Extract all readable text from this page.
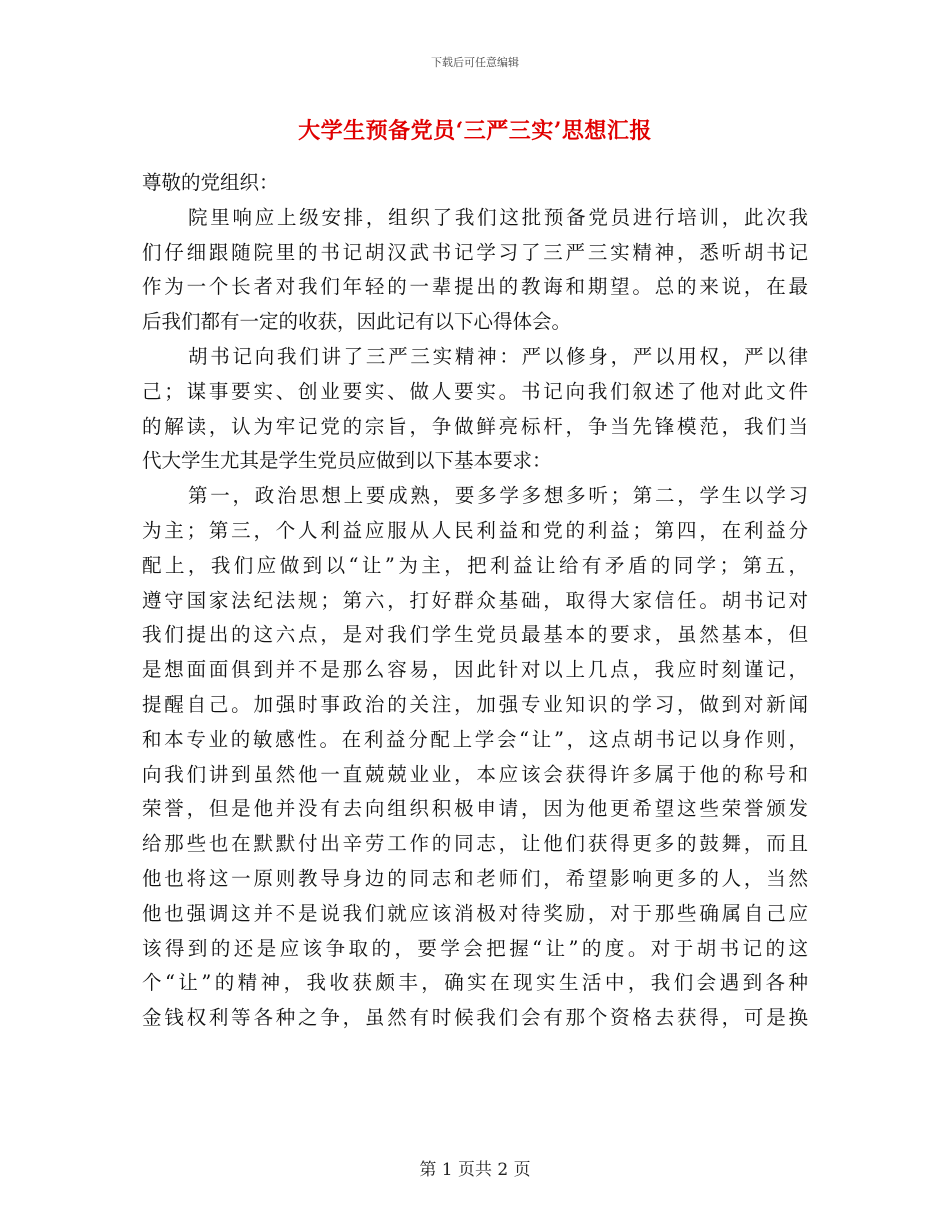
下载后可任意编辑
大学生预备党员‘三严三实’思想汇报
尊敬的党组织：
院里响应上级安排，组织了我们这批预备党员进行培训，此次我
们仔细跟随院里的书记胡汉武书记学习了三严三实精神，悉听胡书记
作为一个长者对我们年轻的一辈提出的教诲和期望。总的来说，在最
后我们都有一定的收获，因此记有以下心得体会。
胡书记向我们讲了三严三实精神：严以修身，严以用权，严以律
己；谋事要实、创业要实、做人要实。书记向我们叙述了他对此文件
的解读，认为牢记党的宗旨，争做鲜亮标杆，争当先锋模范，我们当
代大学生尤其是学生党员应做到以下基本要求：
第一，政治思想上要成熟，要多学多想多听；第二，学生以学习
为主；第三，个人利益应服从人民利益和党的利益；第四，在利益分
配上，我们应做到以“让”为主，把利益让给有矛盾的同学；第五，
遵守国家法纪法规；第六，打好群众基础，取得大家信任。胡书记对
我们提出的这六点，是对我们学生党员最基本的要求，虽然基本，但
是想面面俱到并不是那么容易，因此针对以上几点，我应时刻谨记，
提醒自己。加强时事政治的关注，加强专业知识的学习，做到对新闻
和本专业的敏感性。在利益分配上学会“让”，这点胡书记以身作则，
向我们讲到虽然他一直兢兢业业，本应该会获得许多属于他的称号和
荣誉，但是他并没有去向组织积极申请，因为他更希望这些荣誉颁发
给那些也在默默付出辛劳工作的同志，让他们获得更多的鼓舞，而且
他也将这一原则教导身边的同志和老师们，希望影响更多的人，当然
他也强调这并不是说我们就应该消极对待奖励，对于那些确属自己应
该得到的还是应该争取的，要学会把握“让”的度。对于胡书记的这
个“让”的精神，我收获颇丰，确实在现实生活中，我们会遇到各种
金钱权利等各种之争，虽然有时候我们会有那个资格去获得，可是换
第 1 页共 2 页
